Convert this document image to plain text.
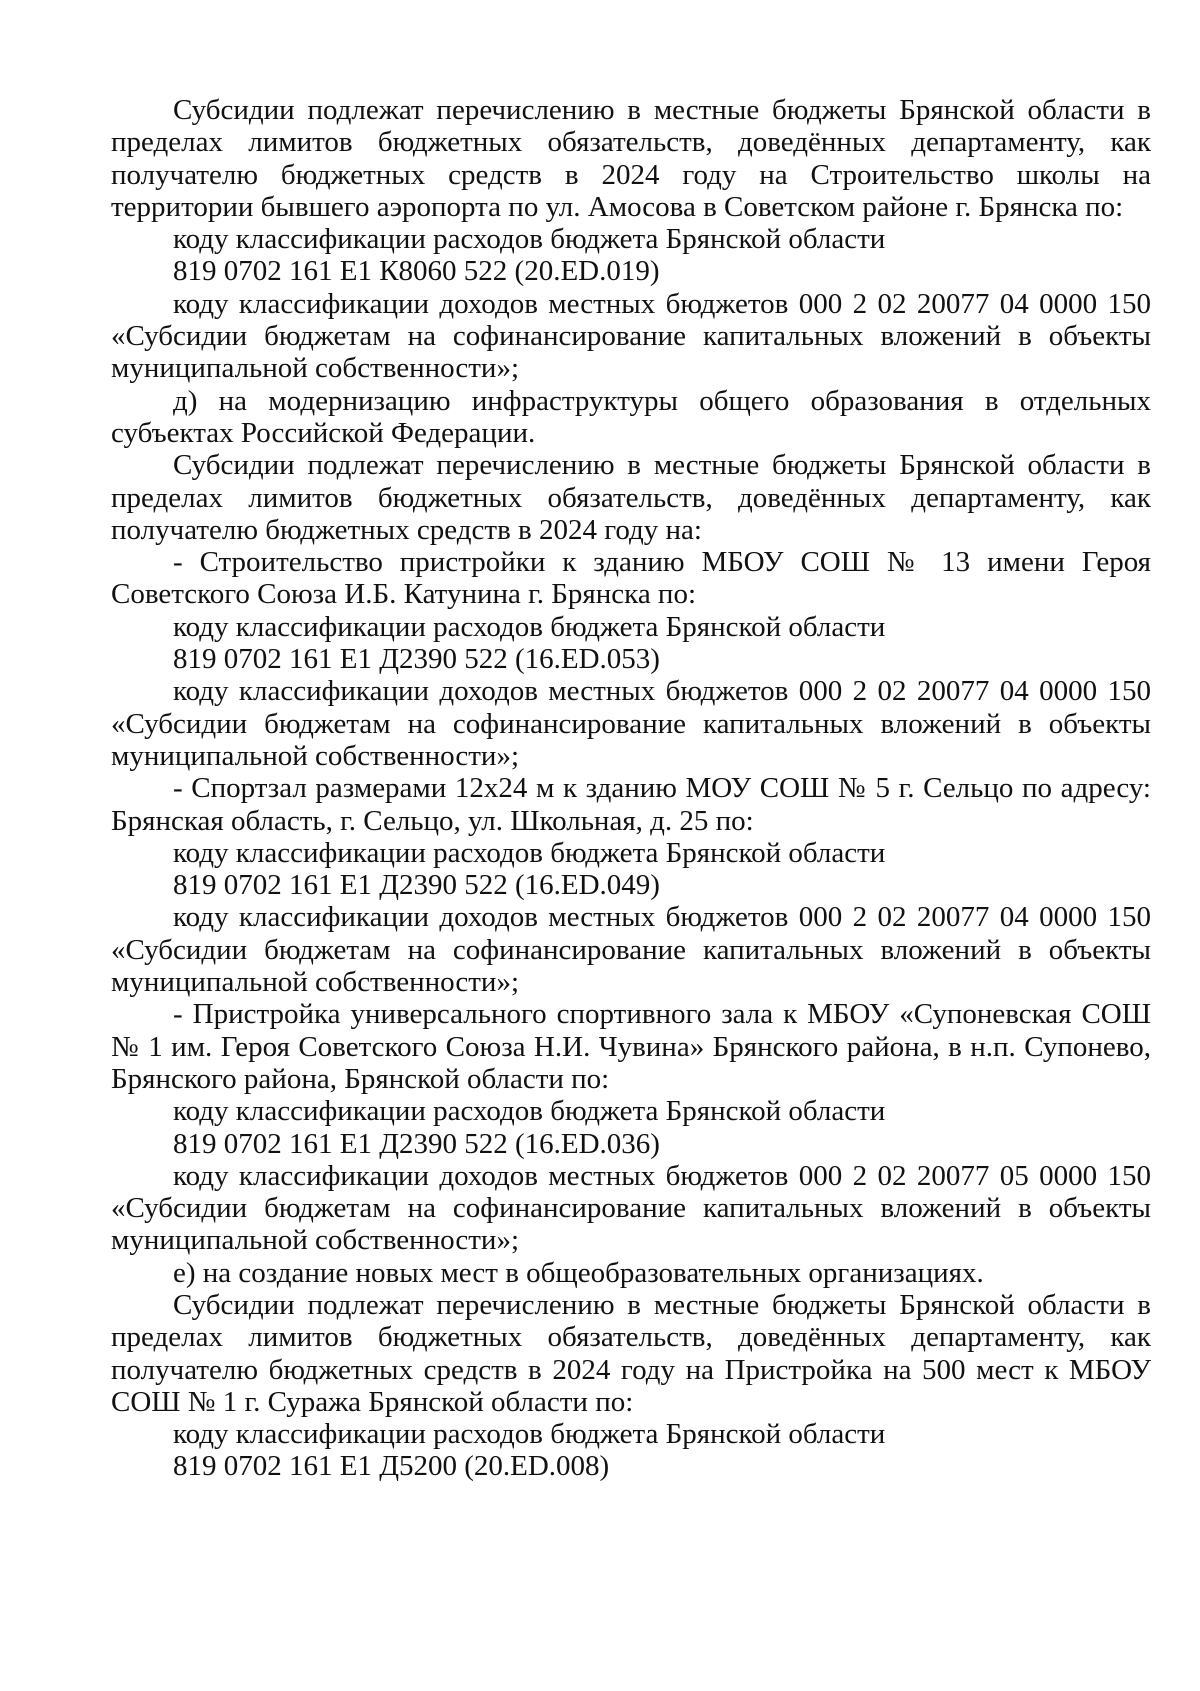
Субсидии подлежат перечислению в местные бюджеты Брянской области в пределах лимитов бюджетных обязательств, доведённых департаменту, как получателю бюджетных средств в 2024 году на Строительство школы на территории бывшего аэропорта по ул. Амосова в Советском районе г. Брянска по:

коду классификации расходов бюджета Брянской области

819 0702 161 Е1 К8060 522 (20.ED.019)

коду классификации доходов местных бюджетов 000 2 02 20077 04 0000 150 «Субсидии бюджетам на софинансирование капитальных вложений в объекты муниципальной собственности»;

д) на модернизацию инфраструктуры общего образования в отдельных субъектах Российской Федерации.

Субсидии подлежат перечислению в местные бюджеты Брянской области в пределах лимитов бюджетных обязательств, доведённых департаменту, как получателю бюджетных средств в 2024 году на:

- Строительство пристройки к зданию МБОУ СОШ № 13 имени Героя Советского Союза И.Б. Катунина г. Брянска по:

коду классификации расходов бюджета Брянской области

819 0702 161 Е1 Д2390 522 (16.ED.053)

коду классификации доходов местных бюджетов 000 2 02 20077 04 0000 150 «Субсидии бюджетам на софинансирование капитальных вложений в объекты муниципальной собственности»;

- Спортзал размерами 12х24 м к зданию МОУ СОШ № 5 г. Сельцо по адресу: Брянская область, г. Сельцо, ул. Школьная, д. 25 по:

коду классификации расходов бюджета Брянской области

819 0702 161 Е1 Д2390 522 (16.ED.049)

коду классификации доходов местных бюджетов 000 2 02 20077 04 0000 150 «Субсидии бюджетам на софинансирование капитальных вложений в объекты муниципальной собственности»;

- Пристройка универсального спортивного зала к МБОУ «Супоневская СОШ № 1 им. Героя Советского Союза Н.И. Чувина» Брянского района, в н.п. Супонево, Брянского района, Брянской области по:

коду классификации расходов бюджета Брянской области

819 0702 161 Е1 Д2390 522 (16.ED.036)

коду классификации доходов местных бюджетов 000 2 02 20077 05 0000 150 «Субсидии бюджетам на софинансирование капитальных вложений в объекты муниципальной собственности»;

е) на создание новых мест в общеобразовательных организациях.

Субсидии подлежат перечислению в местные бюджеты Брянской области в пределах лимитов бюджетных обязательств, доведённых департаменту, как получателю бюджетных средств в 2024 году на Пристройка на 500 мест к МБОУ СОШ № 1 г. Суража Брянской области по:

коду классификации расходов бюджета Брянской области

819 0702 161 Е1 Д5200 (20.ED.008)
